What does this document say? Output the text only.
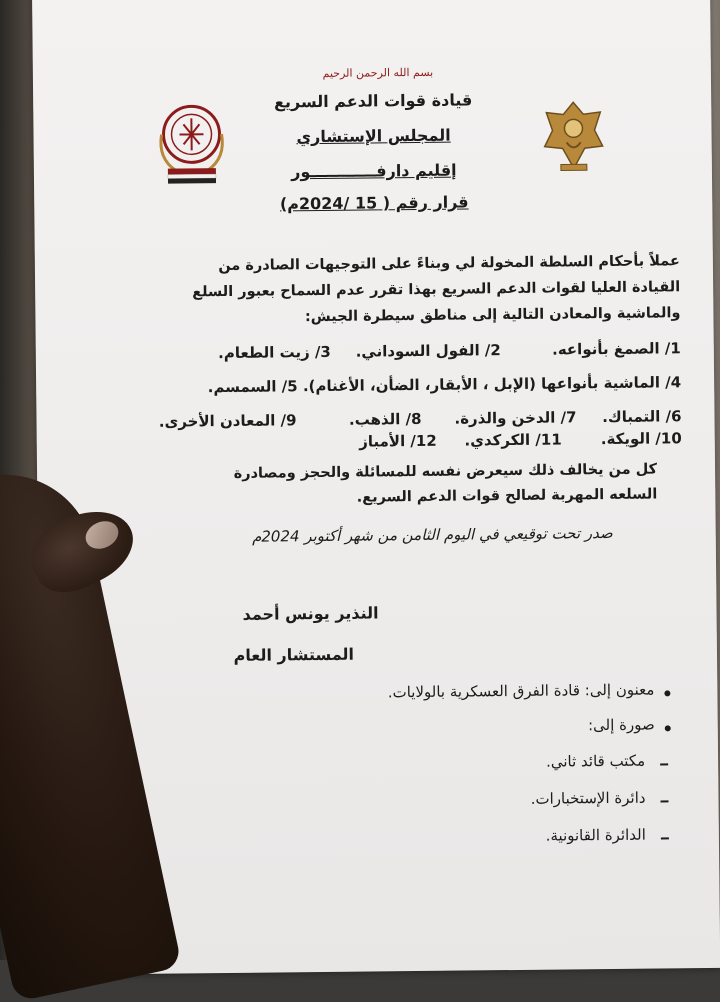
بسم الله الرحمن الرحيم
قيادة قوات الدعم السريع
المجلس الإستشاري
إقليم دارفــــــــــــور
قرار رقم ( 15 /2024م)
عملاً بأحكام السلطة المخولة لي وبناءً على التوجيهات الصادرة من
القيادة العليا لقوات الدعم السريع بهذا تقرر عدم السماح بعبور السلع
والماشية والمعادن التالية إلى مناطق سيطرة الجيش:
1/ الصمغ بأنواعه.
2/ الفول السوداني.
3/ زيت الطعام.
4/ الماشية بأنواعها (الإبل ، الأبقار، الضأن، الأغنام). 5/ السمسم.
6/ التمباك.
7/ الدخن والذرة.
8/ الذهب.
9/ المعادن الأخرى.
10/ الويكة.
11/ الكركدي.
12/ الأمباز
كل من يخالف ذلك سيعرض نفسه للمسائلة والحجز ومصادرة
السلعه المهربة لصالح قوات الدعم السريع.
صدر تحت توقيعي في اليوم الثامن من شهر أكتوبر 2024م
النذير يونس أحمد
المستشار العام
معنون إلى: قادة الفرق العسكرية بالولايات.
صورة إلى:
مكتب قائد ثاني.
دائرة الإستخبارات.
الدائرة القانونية.
